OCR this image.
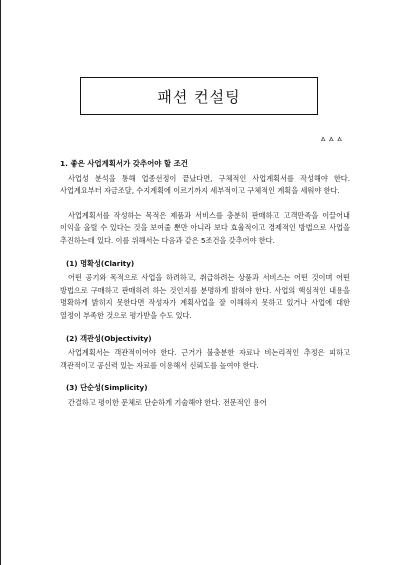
패션 컨설팅
ㅿㅿㅿ

1. 좋은 사업계획서가 갖추어야 할 조건

사업성 분석을 통해 업종선정이 끝났다면, 구체적인 사업계획서를 작성해야 한다. 사업계요부터 자금조달, 수지계획에 이르기까지 세부적이고 구체적인 계획을 세워야 한다.

사업계획서를 작성하는 목적은 제품과 서비스를 충분히 판매하고 고객만족을 이끌어내 이익을 올릴 수 있다는 것을 보여줄 뿐만 아니라 보다 효율적이고 경제적인 방법으로 사업을 추진하는데 있다. 이를 위해서는 다음과 같은 5조건을 갖추어야 한다.

(1) 명확성(Clarity)

어떤 공기와 목적으로 사업을 하려하고, 취급하려는 상품과 서비스는 어떤 것이며 어떤 방법으로 구매하고 판매하려 하는 것인지를 분명하게 밝혀야 한다. 사업의 핵심적인 내용을 명확하게 밝히지 못한다면 작성자가 계획사업을 잘 이해하지 못하고 있거나 사업에 대한 열정이 부족한 것으로 평가받을 수도 있다.

(2) 객관성(Objectivity)

사업계획서는 객관적이어야 한다. 근거가 불충분한 자료나 비논리적인 추정은 피하고 객관적이고 공신력 있는 자료를 이용해서 신뢰도를 높여야 한다.

(3) 단순성(Simplicity)

간결하고 평이한 문체로 단순하게 기술해야 한다. 전문적인 용어
